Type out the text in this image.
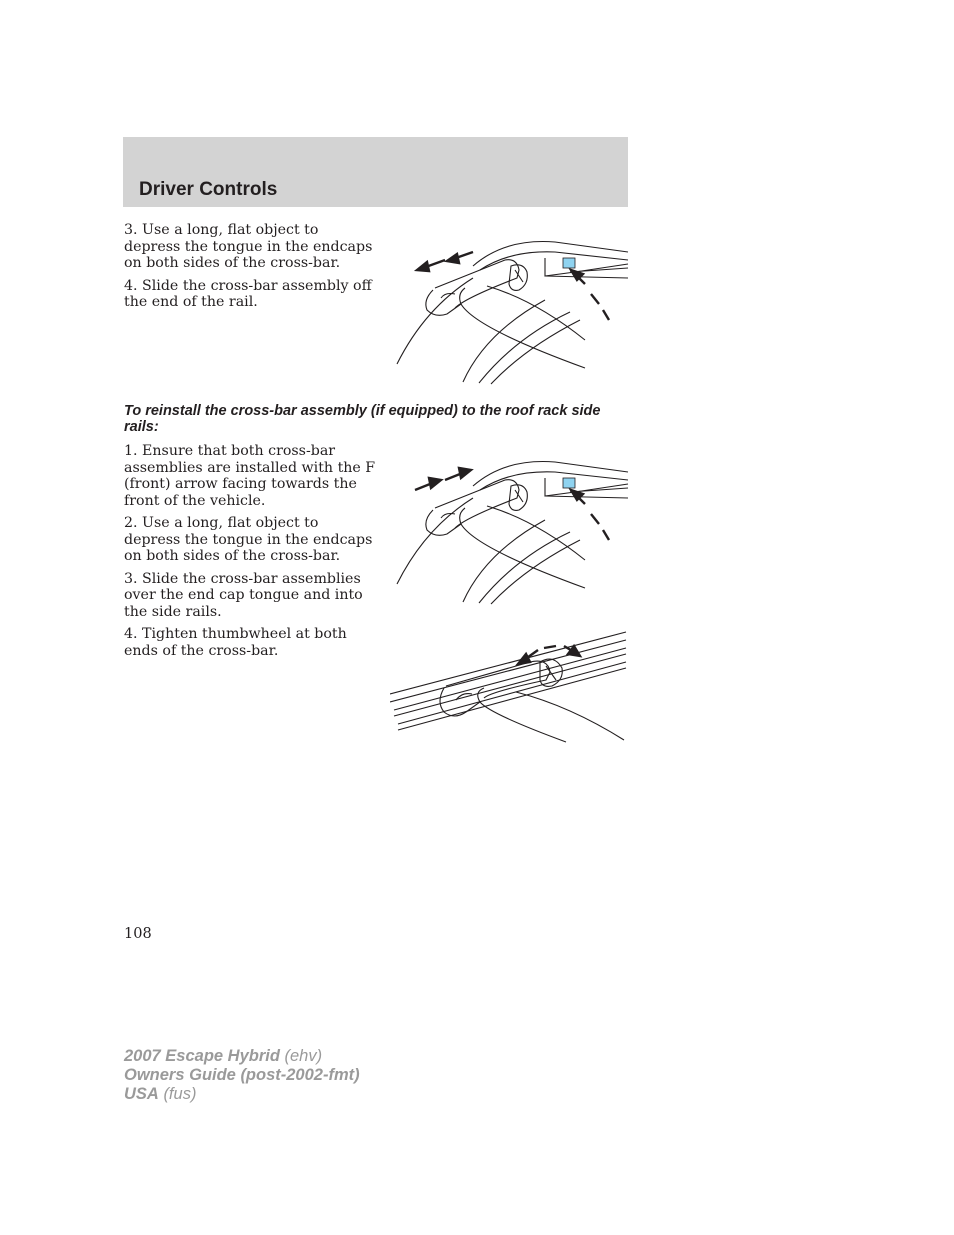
Driver Controls

3. Use a long, flat object to depress the tongue in the endcaps on both sides of the cross-bar.

4. Slide the cross-bar assembly off the end of the rail.

To reinstall the cross-bar assembly (if equipped) to the roof rack side rails:

1. Ensure that both cross-bar assemblies are installed with the F (front) arrow facing towards the front of the vehicle.

2. Use a long, flat object to depress the tongue in the endcaps on both sides of the cross-bar.

3. Slide the cross-bar assemblies over the end cap tongue and into the side rails.

4. Tighten thumbwheel at both ends of the cross-bar.

108
2007 Escape Hybrid (ehv)
Owners Guide (post-2002-fmt)
USA (fus)
